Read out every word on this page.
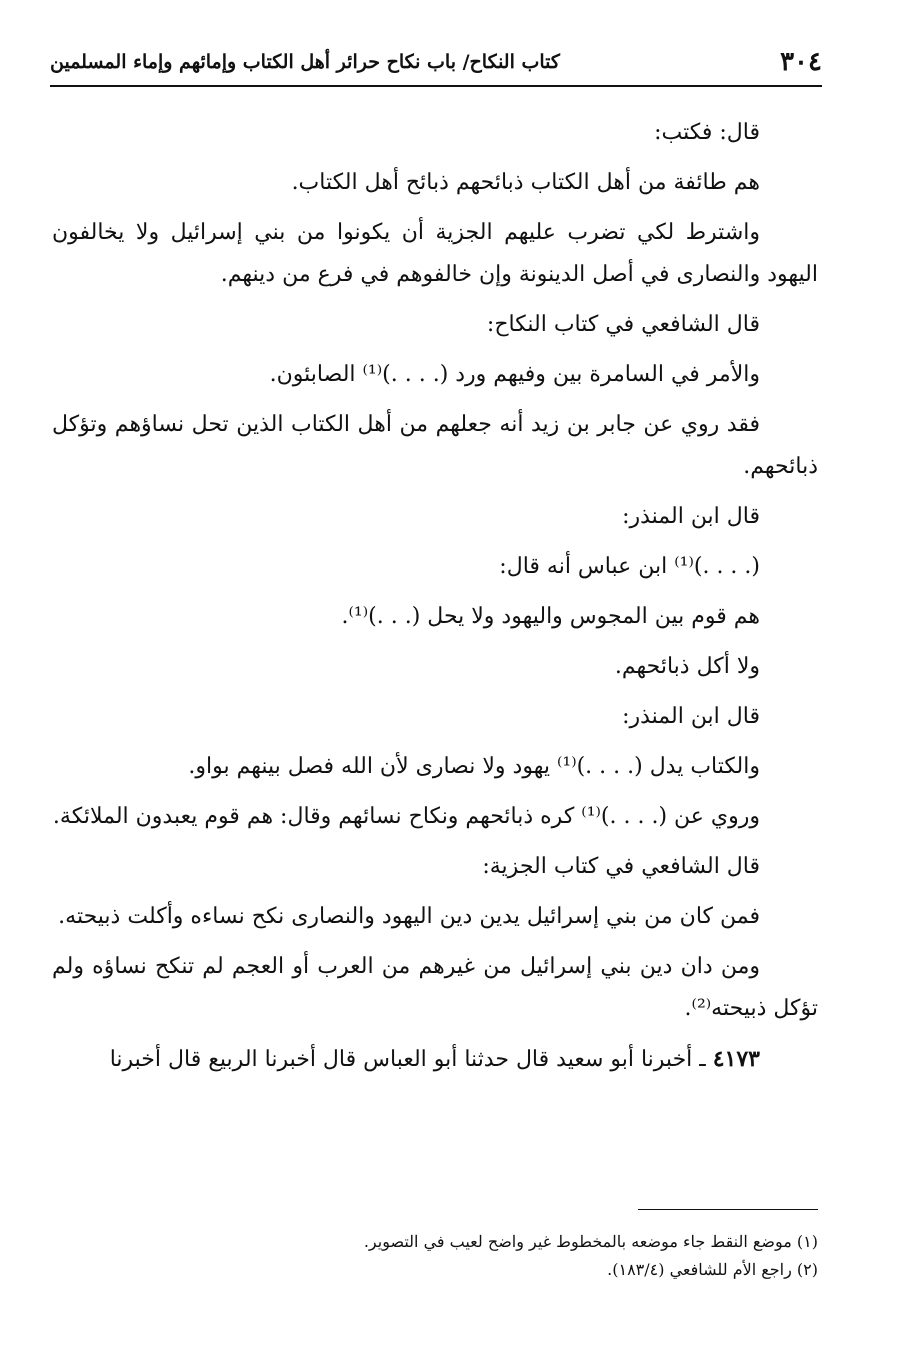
٣٠٤
كتاب النكاح/ باب نكاح حرائر أهل الكتاب وإمائهم وإماء المسلمين

قال: فكتب:

هم طائفة من أهل الكتاب ذبائحهم ذبائح أهل الكتاب.

واشترط لكي تضرب عليهم الجزية أن يكونوا من بني إسرائيل ولا يخالفون اليهود والنصارى في أصل الدينونة وإن خالفوهم في فرع من دينهم.

قال الشافعي في كتاب النكاح:

والأمر في السامرة بين وفيهم ورد (. . . .)⁽¹⁾ الصابئون.

فقد روي عن جابر بن زيد أنه جعلهم من أهل الكتاب الذين تحل نساؤهم وتؤكل ذبائحهم.

قال ابن المنذر:

(. . . .)⁽¹⁾ ابن عباس أنه قال:

هم قوم بين المجوس واليهود ولا يحل (. . .)⁽¹⁾.

ولا أكل ذبائحهم.

قال ابن المنذر:

والكتاب يدل (. . . .)⁽¹⁾ يهود ولا نصارى لأن الله فصل بينهم بواو.

وروي عن (. . . .)⁽¹⁾ كره ذبائحهم ونكاح نسائهم وقال: هم قوم يعبدون الملائكة.

قال الشافعي في كتاب الجزية:

فمن كان من بني إسرائيل يدين دين اليهود والنصارى نكح نساءه وأكلت ذبيحته.

ومن دان دين بني إسرائيل من غيرهم من العرب أو العجم لم تنكح نساؤه ولم تؤكل ذبيحته⁽²⁾.

٤١٧٣ ـ أخبرنا أبو سعيد قال حدثنا أبو العباس قال أخبرنا الربيع قال أخبرنا

(١) موضع النقط جاء موضعه بالمخطوط غير واضح لعيب في التصوير.

(٢) راجع الأم للشافعي (١٨٣/٤).
